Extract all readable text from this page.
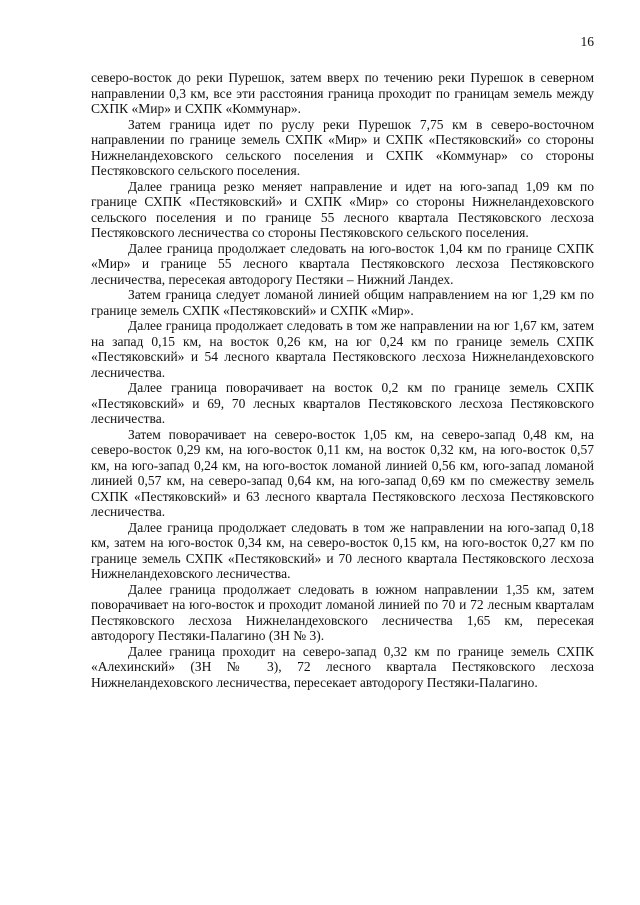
16

северо-восток до реки Пурешок, затем вверх по течению реки Пурешок в северном направлении 0,3 км, все эти расстояния граница проходит по границам земель между СХПК «Мир» и СХПК «Коммунар».

Затем граница идет по руслу реки Пурешок 7,75 км в северо-восточном направлении по границе земель СХПК «Мир» и СХПК «Пестяковский» со стороны Нижнеландеховского сельского поселения и СХПК «Коммунар» со стороны Пестяковского сельского поселения.

Далее граница резко меняет направление и идет на юго-запад 1,09 км по границе СХПК «Пестяковский» и СХПК «Мир» со стороны Нижнеландеховского сельского поселения и по границе 55 лесного квартала Пестяковского лесхоза Пестяковского лесничества со стороны Пестяковского сельского поселения.

Далее граница продолжает следовать на юго-восток 1,04 км по границе СХПК «Мир» и границе 55 лесного квартала Пестяковского лесхоза Пестяковского лесничества, пересекая автодорогу Пестяки – Нижний Ландех.

Затем граница следует ломаной линией общим направлением на юг 1,29 км по границе земель СХПК «Пестяковский» и СХПК «Мир».

Далее граница продолжает следовать в том же направлении на юг 1,67 км, затем на запад 0,15 км, на восток 0,26 км, на юг 0,24 км по границе земель СХПК «Пестяковский» и 54 лесного квартала Пестяковского лесхоза Нижнеландеховского лесничества.

Далее граница поворачивает на восток 0,2 км по границе земель СХПК «Пестяковский» и 69, 70 лесных кварталов Пестяковского лесхоза Пестяковского лесничества.

Затем поворачивает на северо-восток 1,05 км, на северо-запад 0,48 км, на северо-восток 0,29 км, на юго-восток 0,11 км, на восток 0,32 км, на юго-восток 0,57 км, на юго-запад 0,24 км, на юго-восток ломаной линией 0,56 км, юго-запад ломаной линией 0,57 км, на северо-запад 0,64 км, на юго-запад 0,69 км по смежеству земель СХПК «Пестяковский» и 63 лесного квартала Пестяковского лесхоза Пестяковского лесничества.

Далее граница продолжает следовать в том же направлении на юго-запад 0,18 км, затем на юго-восток 0,34 км, на северо-восток 0,15 км, на юго-восток 0,27 км по границе земель СХПК «Пестяковский» и 70 лесного квартала Пестяковского лесхоза Нижнеландеховского лесничества.

Далее граница продолжает следовать в южном направлении 1,35 км, затем поворачивает на юго-восток и проходит ломаной линией по 70 и 72 лесным кварталам Пестяковского лесхоза Нижнеландеховского лесничества 1,65 км, пересекая автодорогу Пестяки-Палагино (ЗН № 3).

Далее граница проходит на северо-запад 0,32 км по границе земель СХПК «Алехинский» (ЗН № 3), 72 лесного квартала Пестяковского лесхоза Нижнеландеховского лесничества, пересекает автодорогу Пестяки-Палагино.
